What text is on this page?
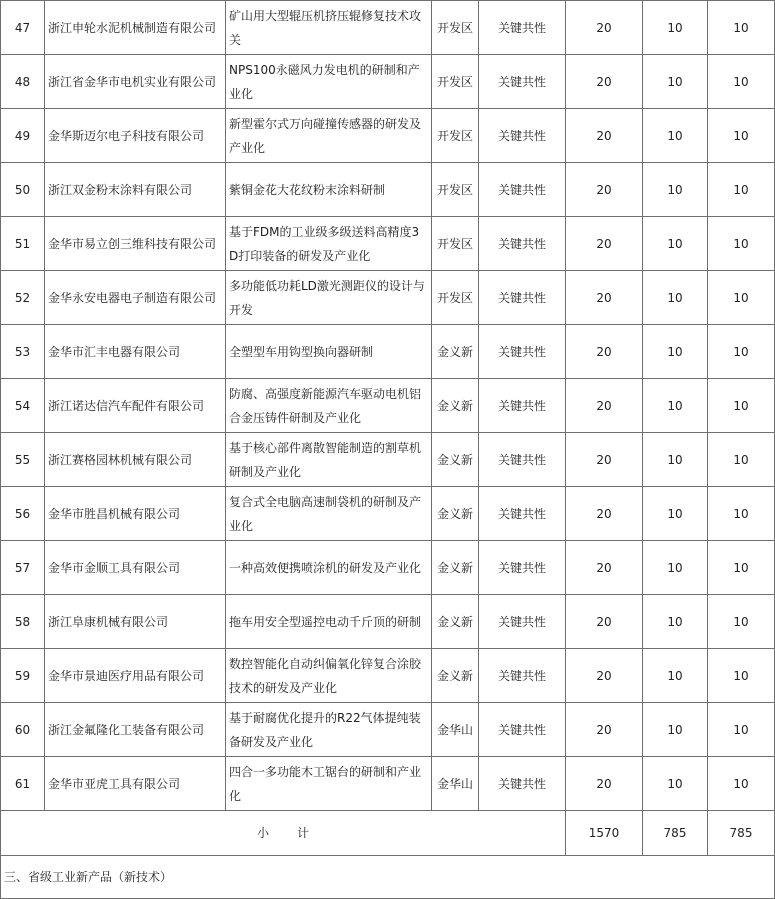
47	浙江申轮水泥机械制造有限公司	矿山用大型辊压机挤压辊修复技术攻关	开发区	关键共性	20	10	10
48	浙江省金华市电机实业有限公司	NPS100永磁风力发电机的研制和产业化	开发区	关键共性	20	10	10
49	金华斯迈尔电子科技有限公司	新型霍尔式万向碰撞传感器的研发及产业化	开发区	关键共性	20	10	10
50	浙江双金粉末涂料有限公司	紫铜金花大花纹粉末涂料研制	开发区	关键共性	20	10	10
51	金华市易立创三维科技有限公司	基于FDM的工业级多级送料高精度3D打印装备的研发及产业化	开发区	关键共性	20	10	10
52	金华永安电器电子制造有限公司	多功能低功耗LD激光测距仪的设计与开发	开发区	关键共性	20	10	10
53	金华市汇丰电器有限公司	全塑型车用钩型换向器研制	金义新	关键共性	20	10	10
54	浙江诺达信汽车配件有限公司	防腐、高强度新能源汽车驱动电机铝合金压铸件研制及产业化	金义新	关键共性	20	10	10
55	浙江赛格园林机械有限公司	基于核心部件离散智能制造的割草机研制及产业化	金义新	关键共性	20	10	10
56	金华市胜昌机械有限公司	复合式全电脑高速制袋机的研制及产业化	金义新	关键共性	20	10	10
57	金华市金顺工具有限公司	一种高效便携喷涂机的研发及产业化	金义新	关键共性	20	10	10
58	浙江阜康机械有限公司	拖车用安全型遥控电动千斤顶的研制	金义新	关键共性	20	10	10
59	金华市景迪医疗用品有限公司	数控智能化自动纠偏氧化锌复合涂胶技术的研发及产业化	金义新	关键共性	20	10	10
60	浙江金氟隆化工装备有限公司	基于耐腐优化提升的R22气体提纯装备研发及产业化	金华山	关键共性	20	10	10
61	金华市亚虎工具有限公司	四合一多功能木工锯台的研制和产业化	金华山	关键共性	20	10	10
小计					1570	785	785
三、省级工业新产品（新技术）							
